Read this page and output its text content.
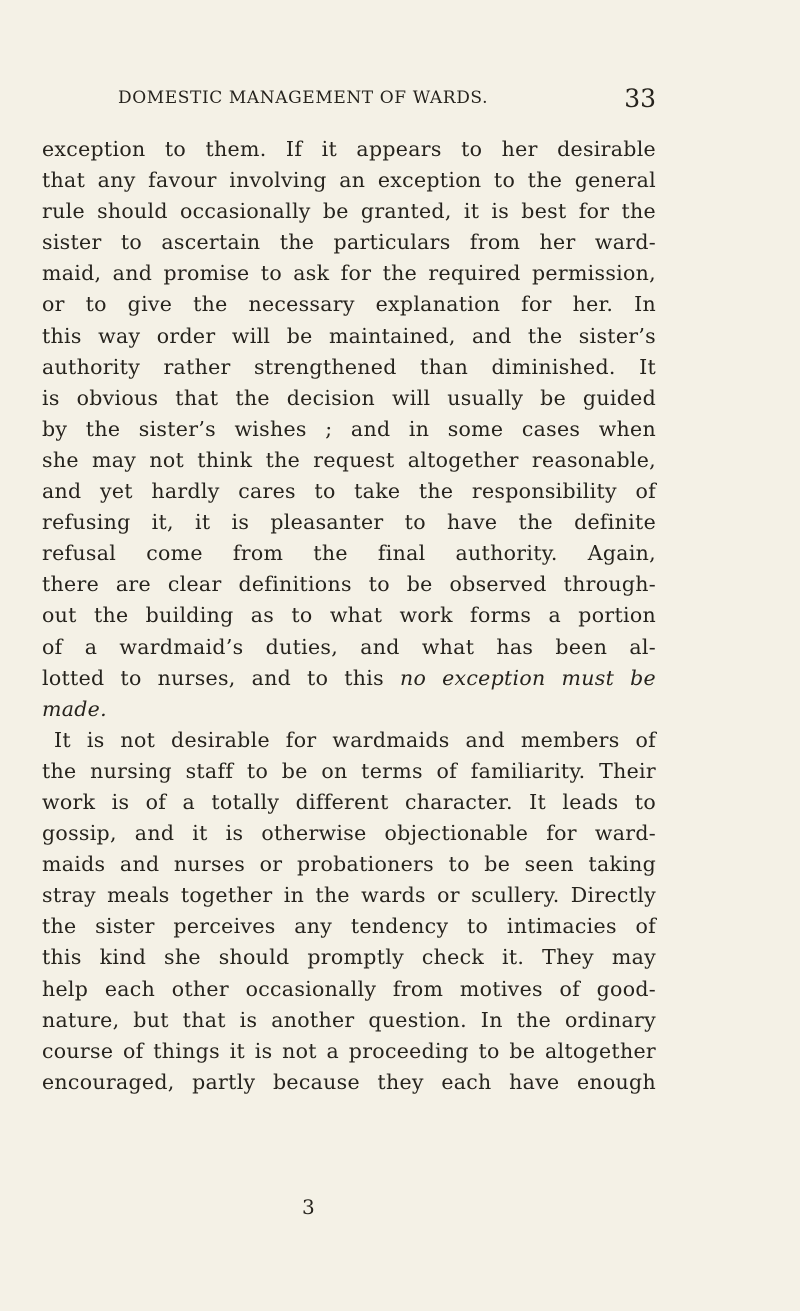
DOMESTIC MANAGEMENT OF WARDS.	33
exception to them. If it appears to her desirable
that any favour involving an exception to the general
rule should occasionally be granted, it is best for the
sister to ascertain the particulars from her ward-
maid, and promise to ask for the required permission,
or to give the necessary explanation for her. In
this way order will be maintained, and the sister’s
authority rather strengthened than diminished. It
is obvious that the decision will usually be guided
by the sister’s wishes ; and in some cases when
she may not think the request altogether reasonable,
and yet hardly cares to take the responsibility of
refusing it, it is pleasanter to have the definite
refusal come from the final authority. Again,
there are clear definitions to be observed through-
out the building as to what work forms a portion
of a wardmaid’s duties, and what has been al-
lotted to nurses, and to this no exception must be
made.
It is not desirable for wardmaids and members of
the nursing staff to be on terms of familiarity. Their
work is of a totally different character. It leads to
gossip, and it is otherwise objectionable for ward-
maids and nurses or probationers to be seen taking
stray meals together in the wards or scullery. Directly
the sister perceives any tendency to intimacies of
this kind she should promptly check it. They may
help each other occasionally from motives of good-
nature, but that is another question. In the ordinary
course of things it is not a proceeding to be altogether
encouraged, partly because they each have enough
3
